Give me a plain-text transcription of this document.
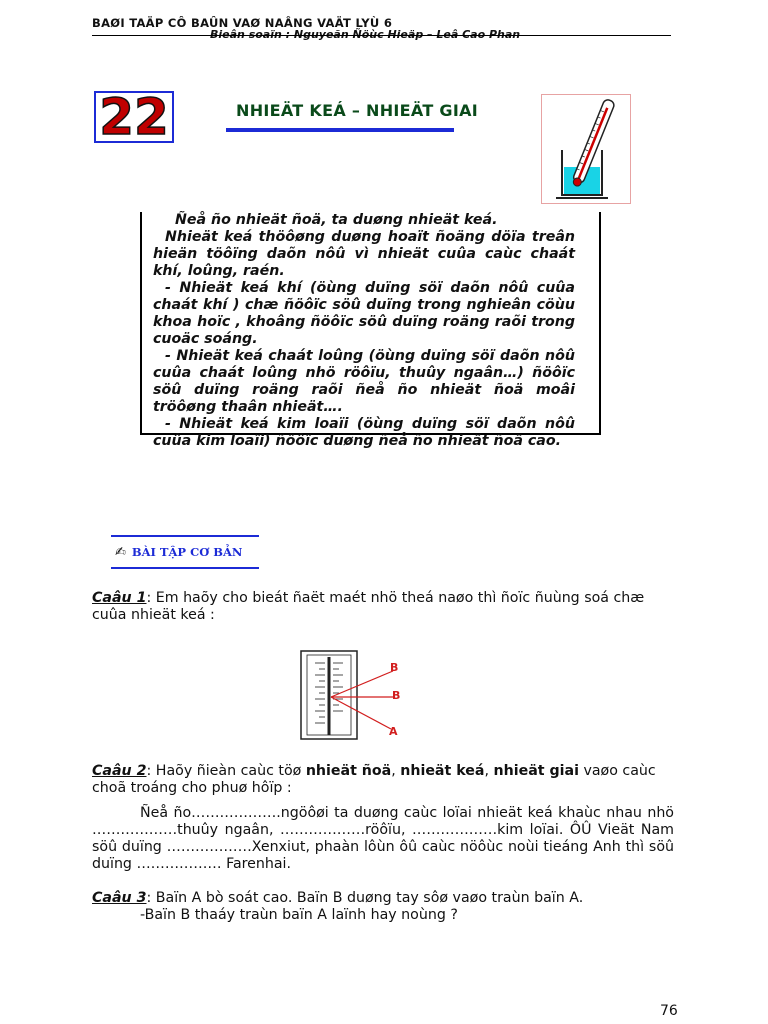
BAØI TAÄP CÔ BAÛN VAØ NAÂNG VAÄT LYÙ 6
Bieân soaïn : Nguyeãn Ñöùc Hieäp – Leâ Cao Phan
22	NHIEÄT KEÁ – NHIEÄT GIAI

Ñeå ño nhieät ñoä, ta duøng nhieät keá.

Nhieät keá thöôøng duøng hoaït ñoäng döïa treân hieän töôïng daõn nôû vì nhieät cuûa caùc chaát khí, loûng, raén.

- Nhieät keá khí (öùng duïng söï daõn nôû cuûa chaát khí ) chæ ñöôïc söû duïng trong nghieân cöùu khoa hoïc , khoâng ñöôïc söû duïng roäng raõi trong cuoäc soáng.

- Nhieät keá chaát loûng (öùng duïng söï daõn nôû cuûa chaát loûng nhö röôïu, thuûy ngaân…) ñöôïc söû duïng roäng raõi ñeå ño nhieät ñoä moâi tröôøng thaân nhieät….

- Nhieät keá kim loaïi (öùng duïng söï daõn nôû cuûa kim loaïi) ñöôïc duøng ñeå ño nhieät ñoä cao.

✍ BÀI TẬP CƠ BẢN
Caâu 1: Em haõy cho bieát ñaët maét nhö theá naøo thì ñoïc ñuùng soá chæ cuûa nhieät keá :
B
B
A
Caâu 2: Haõy ñieàn caùc töø nhieät ñoä, nhieät keá, nhieät giai vaøo caùc choã troáng cho phuø hôïp :
Ñeå ño……………….ngöôøi ta duøng caùc loïai nhieät keá khaùc nhau nhö ………………thuûy ngaân, ………………röôïu, ………………kim loïai. ÔÛ Vieät Nam söû duïng ………………Xenxiut, phaàn lôùn ôû caùc nöôùc noùi tieáng Anh thì söû duïng ……………… Farenhai.
Caâu 3: Baïn A bò soát cao. Baïn B duøng tay sôø vaøo traùn baïn A.
-Baïn B thaáy traùn baïn A laïnh hay noùng ?
76
